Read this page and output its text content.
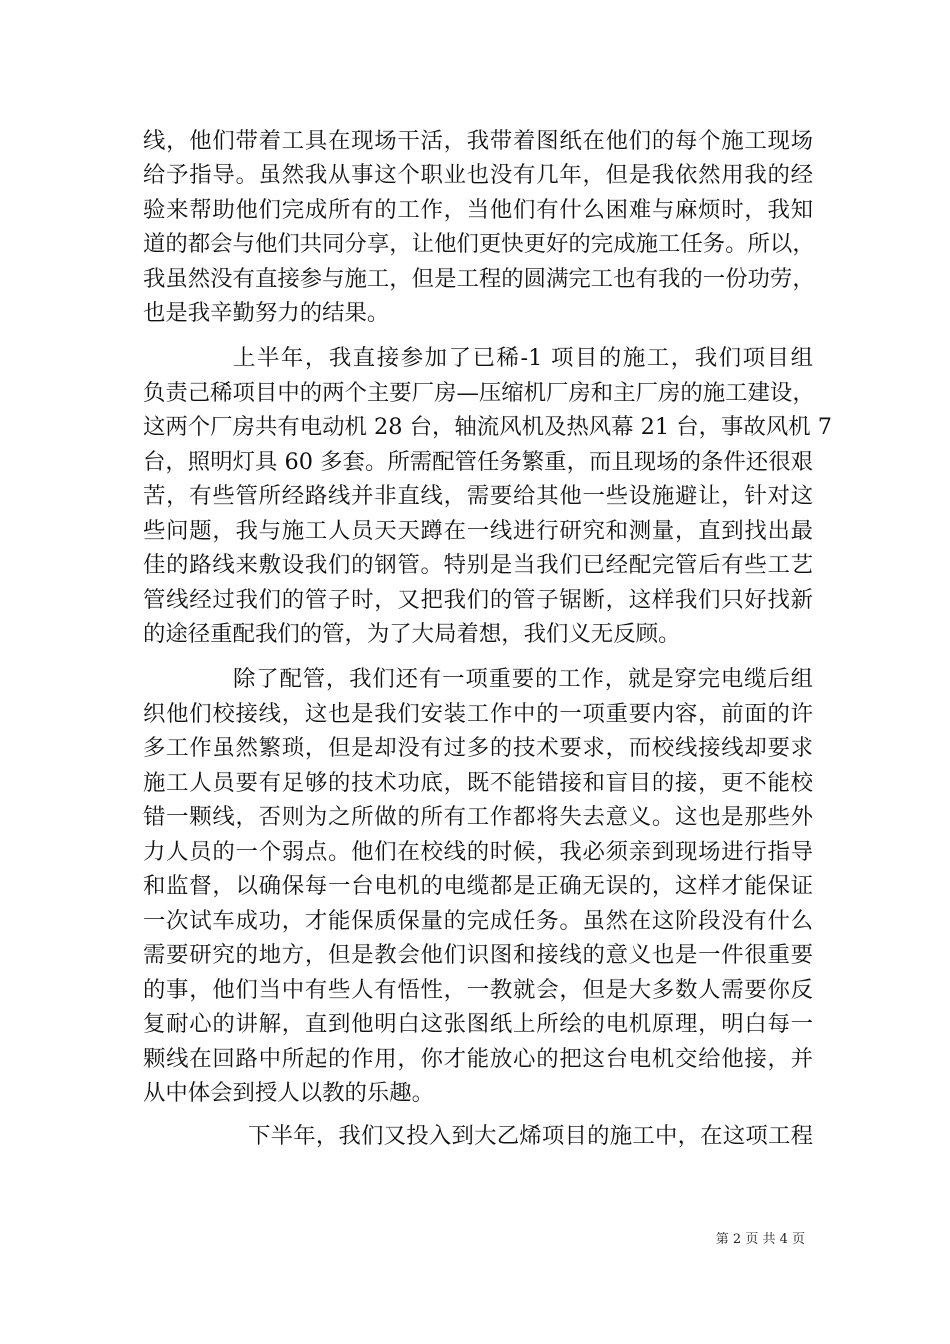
线，他们带着工具在现场干活，我带着图纸在他们的每个施工现场
给予指导。虽然我从事这个职业也没有几年，但是我依然用我的经
验来帮助他们完成所有的工作，当他们有什么困难与麻烦时，我知
道的都会与他们共同分享，让他们更快更好的完成施工任务。所以，
我虽然没有直接参与施工，但是工程的圆满完工也有我的一份功劳，
也是我辛勤努力的结果。
上半年，我直接参加了已稀-1 项目的施工，我们项目组
负责己稀项目中的两个主要厂房—压缩机厂房和主厂房的施工建设，
这两个厂房共有电动机 28 台，轴流风机及热风幕 21 台，事故风机 7
台，照明灯具 60 多套。所需配管任务繁重，而且现场的条件还很艰
苦，有些管所经路线并非直线，需要给其他一些设施避让，针对这
些问题，我与施工人员天天蹲在一线进行研究和测量，直到找出最
佳的路线来敷设我们的钢管。特别是当我们已经配完管后有些工艺
管线经过我们的管子时，又把我们的管子锯断，这样我们只好找新
的途径重配我们的管，为了大局着想，我们义无反顾。
除了配管，我们还有一项重要的工作，就是穿完电缆后组
织他们校接线，这也是我们安装工作中的一项重要内容，前面的许
多工作虽然繁琐，但是却没有过多的技术要求，而校线接线却要求
施工人员要有足够的技术功底，既不能错接和盲目的接，更不能校
错一颗线，否则为之所做的所有工作都将失去意义。这也是那些外
力人员的一个弱点。他们在校线的时候，我必须亲到现场进行指导
和监督，以确保每一台电机的电缆都是正确无误的，这样才能保证
一次试车成功，才能保质保量的完成任务。虽然在这阶段没有什么
需要研究的地方，但是教会他们识图和接线的意义也是一件很重要
的事，他们当中有些人有悟性，一教就会，但是大多数人需要你反
复耐心的讲解，直到他明白这张图纸上所绘的电机原理，明白每一
颗线在回路中所起的作用，你才能放心的把这台电机交给他接，并
从中体会到授人以教的乐趣。
下半年，我们又投入到大乙烯项目的施工中，在这项工程
第 2 页 共 4 页
